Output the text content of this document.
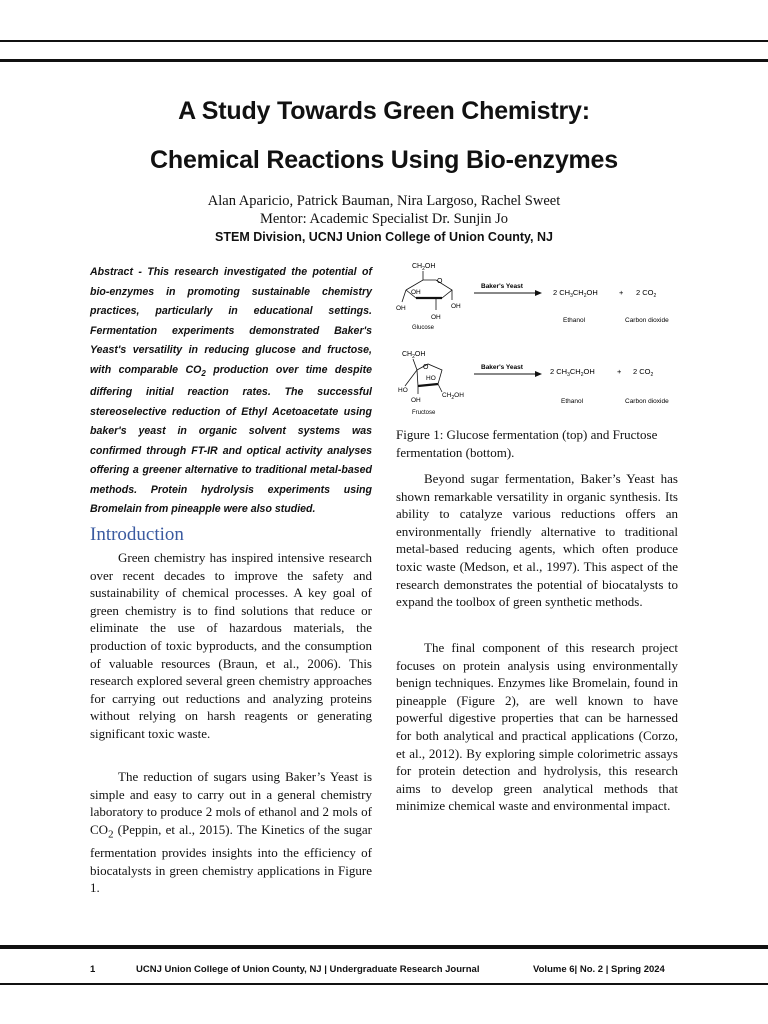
A Study Towards Green Chemistry:
Chemical Reactions Using Bio-enzymes
Alan Aparicio, Patrick Bauman, Nira Largoso, Rachel Sweet
Mentor: Academic Specialist Dr. Sunjin Jo
STEM Division, UCNJ Union College of Union County, NJ

Abstract - This research investigated the potential of bio-enzymes in promoting sustainable chemistry practices, particularly in educational settings. Fermentation experiments demonstrated Baker's Yeast's versatility in reducing glucose and fructose, with comparable $CO_2$ production over time despite differing initial reaction rates. The successful stereoselective reduction of Ethyl Acetoacetate using baker's yeast in organic solvent systems was confirmed through FT-IR and optical activity analyses offering a greener alternative to traditional metal-based methods. Protein hydrolysis experiments using Bromelain from pineapple were also studied.

Introduction

Green chemistry has inspired intensive research over recent decades to improve the safety and sustainability of chemical processes. A key goal of green chemistry is to find solutions that reduce or eliminate the use of hazardous materials, the production of toxic byproducts, and the consumption of valuable resources (Braun, et al., 2006). This research explored several green chemistry approaches for carrying out reductions and analyzing proteins without relying on harsh reagents or generating significant toxic waste.

The reduction of sugars using Baker’s Yeast is simple and easy to carry out in a general chemistry laboratory to produce 2 mols of ethanol and 2 mols of $CO_2$ (Peppin, et al., 2015). The Kinetics of the sugar fermentation provides insights into the efficiency of biocatalysts in green chemistry applications in Figure 1.

$CH_2OH$
O
OH
OH
OH
OH
Glucose
Baker's Yeast
2 $CH_3CH_2OH$	+ 2 $CO_2$
Ethanol	Carbon dioxide
$CH_2OH$
O
HO
HO
OH
$CH_2OH$
Fructose
Baker's Yeast	2 $CH_3CH_2OH$	+ 2 $CO_2$
Ethanol	Carbon dioxide

Figure 1: Glucose fermentation (top) and Fructose fermentation (bottom).

Beyond sugar fermentation, Baker’s Yeast has shown remarkable versatility in organic synthesis. Its ability to catalyze various reductions offers an environmentally friendly alternative to traditional metal-based reducing agents, which often produce toxic waste (Medson, et al., 1997). This aspect of the research demonstrates the potential of biocatalysts to expand the toolbox of green synthetic methods.

The final component of this research project focuses on protein analysis using environmentally benign techniques. Enzymes like Bromelain, found in pineapple (Figure 2), are well known to have powerful digestive properties that can be harnessed for both analytical and practical applications (Corzo, et al., 2012). By exploring simple colorimetric assays for protein detection and hydrolysis, this research aims to develop green analytical methods that minimize chemical waste and environmental impact.

1	UCNJ Union College of Union County, NJ | Undergraduate Research Journal	Volume 6| No. 2 | Spring 2024
